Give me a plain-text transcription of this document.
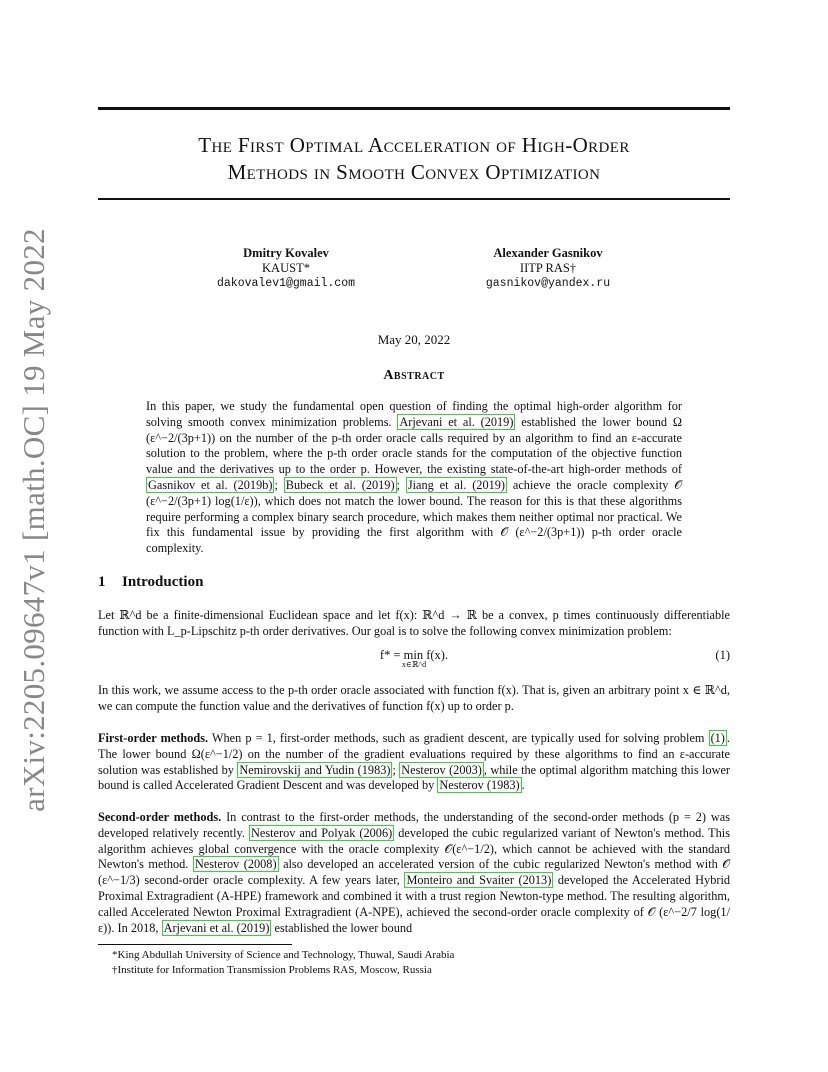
arXiv:2205.09647v1 [math.OC] 19 May 2022
The First Optimal Acceleration of High-Order
Methods in Smooth Convex Optimization
Dmitry Kovalev
KAUST*
dakovalev1@gmail.com
Alexander Gasnikov
IITP RAS†
gasnikov@yandex.ru
May 20, 2022
Abstract
In this paper, we study the fundamental open question of finding the optimal high-order algorithm for solving smooth convex minimization problems. Arjevani et al. (2019) established the lower bound Ω (ε^−2/(3p+1)) on the number of the p-th order oracle calls required by an algorithm to find an ε-accurate solution to the problem, where the p-th order oracle stands for the computation of the objective function value and the derivatives up to the order p. However, the existing state-of-the-art high-order methods of Gasnikov et al. (2019b) ; Bubeck et al. (2019) ; Jiang et al. (2019) achieve the oracle complexity 𝒪 (ε^−2/(3p+1) log(1/ε)), which does not match the lower bound. The reason for this is that these algorithms require performing a complex binary search procedure, which makes them neither optimal nor practical. We fix this fundamental issue by providing the first algorithm with 𝒪 (ε^−2/(3p+1)) p-th order oracle complexity.
1 Introduction
Let ℝ^d be a finite-dimensional Euclidean space and let f(x): ℝ^d → ℝ be a convex, p times continuously differentiable function with L_p-Lipschitz p-th order derivatives. Our goal is to solve the following convex minimization problem:
f* = min f(x).
x∈ℝ^d
(1)
In this work, we assume access to the p-th order oracle associated with function f(x). That is, given an arbitrary point x ∈ ℝ^d, we can compute the function value and the derivatives of function f(x) up to order p.
First-order methods. When p = 1, first-order methods, such as gradient descent, are typically used for solving problem (1) . The lower bound Ω(ε^−1/2) on the number of the gradient evaluations required by these algorithms to find an ε-accurate solution was established by Nemirovskij and Yudin (1983) ; Nesterov (2003) , while the optimal algorithm matching this lower bound is called Accelerated Gradient Descent and was developed by Nesterov (1983) .
Second-order methods. In contrast to the first-order methods, the understanding of the second-order methods (p = 2) was developed relatively recently. Nesterov and Polyak (2006) developed the cubic regularized variant of Newton's method. This algorithm achieves global convergence with the oracle complexity 𝒪(ε^−1/2), which cannot be achieved with the standard Newton's method. Nesterov (2008) also developed an accelerated version of the cubic regularized Newton's method with 𝒪 (ε^−1/3) second-order oracle complexity. A few years later, Monteiro and Svaiter (2013) developed the Accelerated Hybrid Proximal Extragradient (A-HPE) framework and combined it with a trust region Newton-type method. The resulting algorithm, called Accelerated Newton Proximal Extragradient (A-NPE), achieved the second-order oracle complexity of 𝒪 (ε^−2/7 log(1/ε)). In 2018, Arjevani et al. (2019) established the lower bound
*King Abdullah University of Science and Technology, Thuwal, Saudi Arabia
†Institute for Information Transmission Problems RAS, Moscow, Russia
